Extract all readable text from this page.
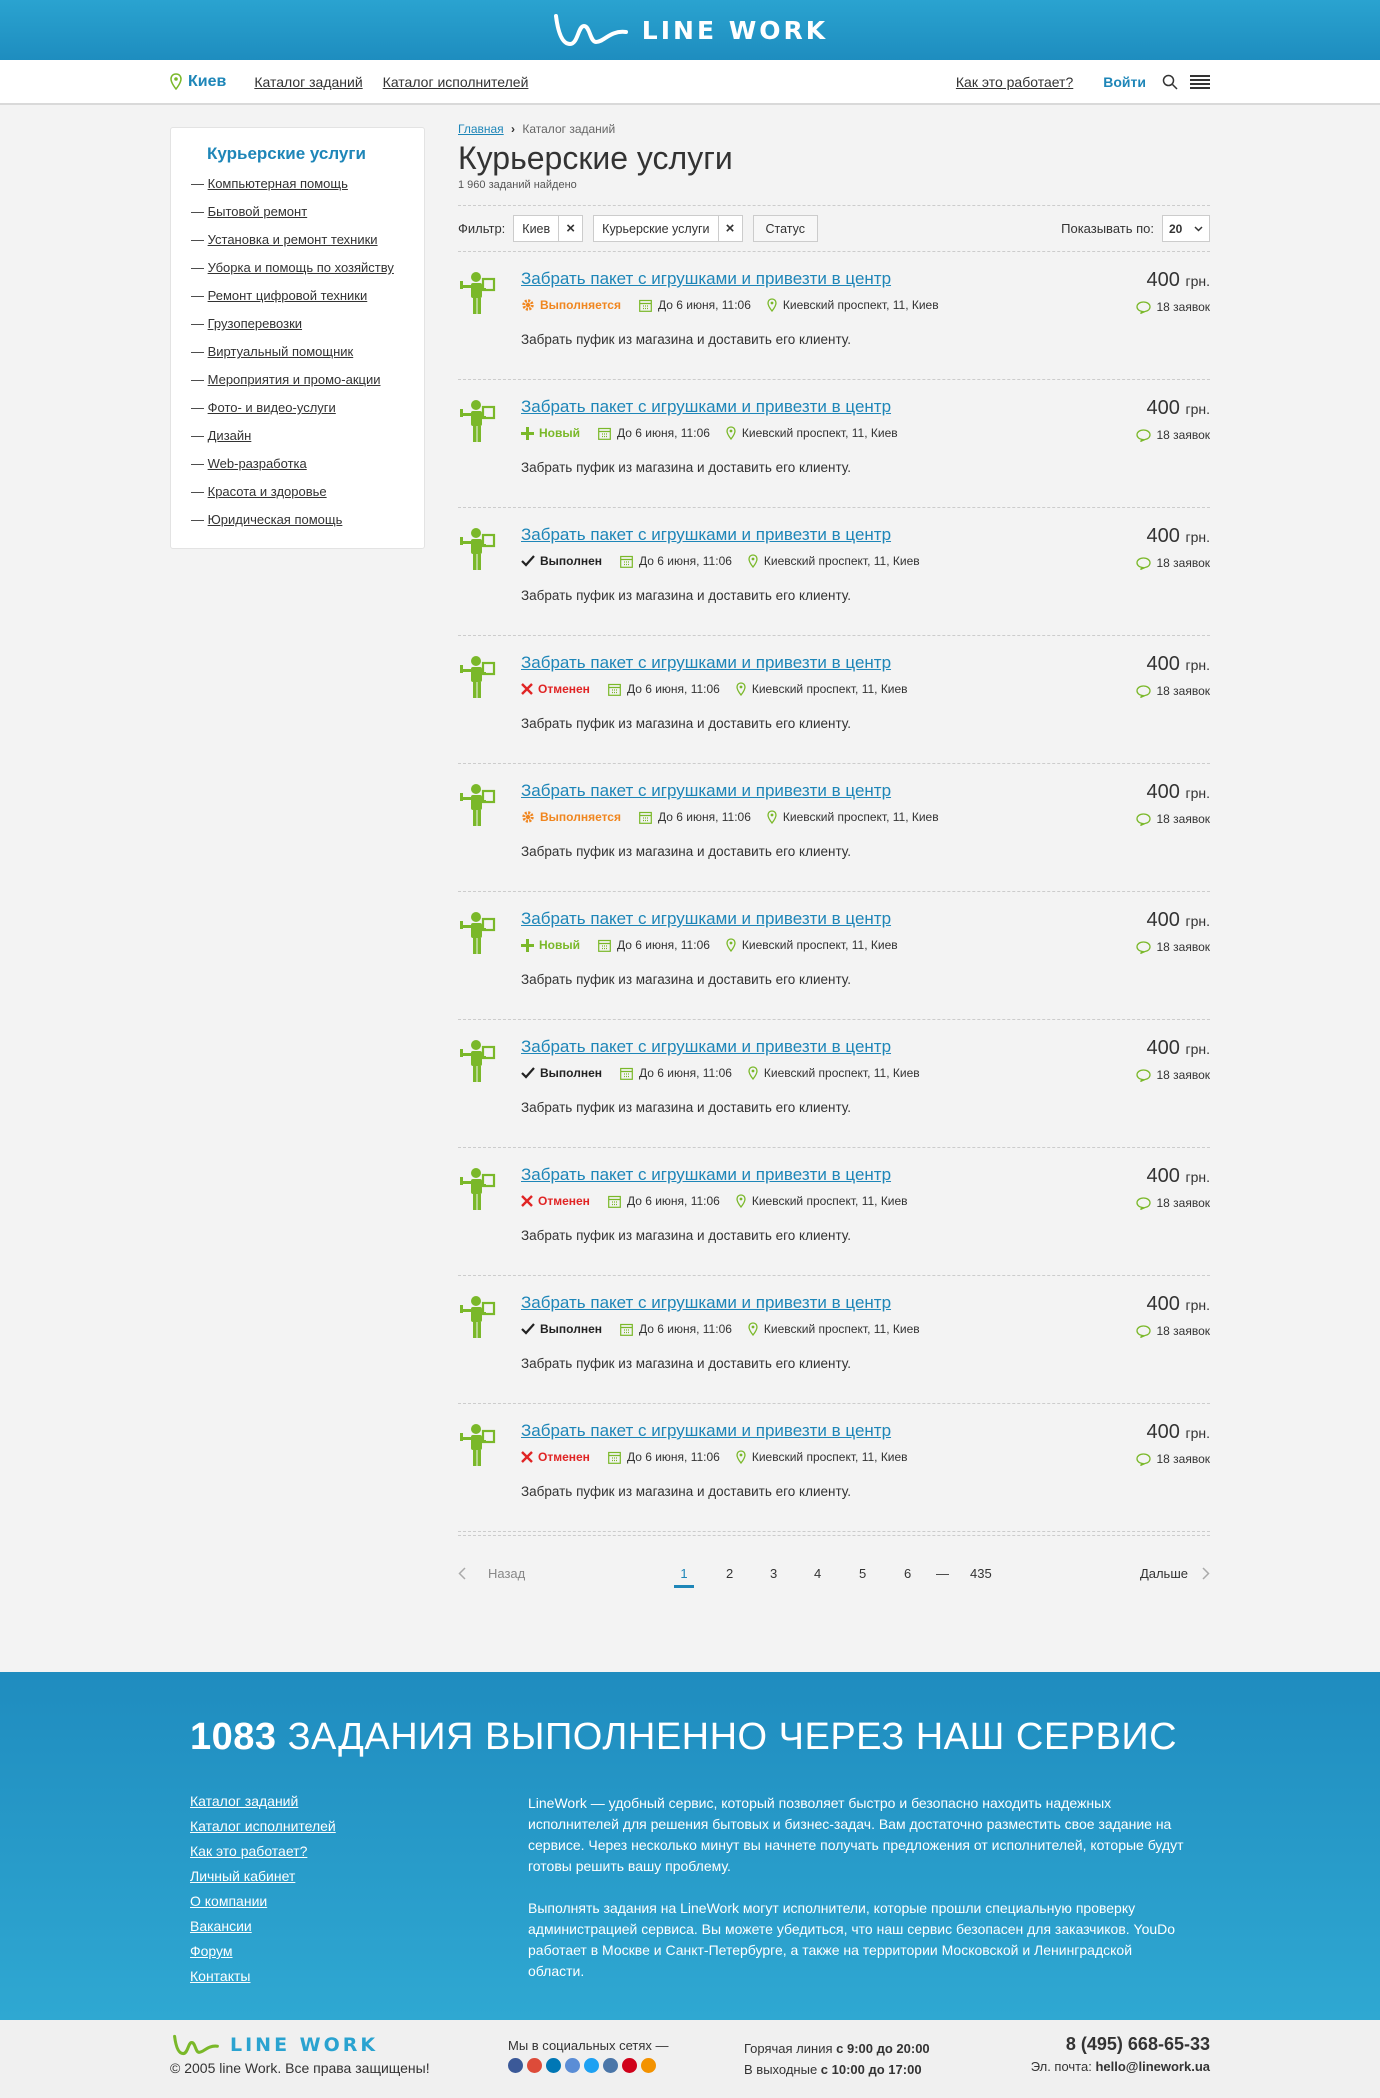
LINE WORK
Киев Каталог заданий Каталог исполнителей	Как это работает? Войти
Курьерские услуги
— Компьютерная помощь
— Бытовой ремонт
— Установка и ремонт техники
— Уборка и помощь по хозяйству
— Ремонт цифровой техники
— Грузоперевозки
— Виртуальный помощник
— Мероприятия и промо-акции
— Фото- и видео-услуги
— Дизайн
— Web-разработка
— Красота и здоровье
— Юридическая помощь
Главная › Каталог заданий
Курьерские услуги
1 960 заданий найдено
Фильтр:	Киев	×	Курьерские услуги	×	Статус	Показывать по: 20
Забрать пакет с игрушками и привезти в центр
Выполняется	До 6 июня, 11:06	Киевский проспект, 11, Киев
Забрать пуфик из магазина и доставить его клиенту.
400 грн.
18 заявок
Забрать пакет с игрушками и привезти в центр
Новый	До 6 июня, 11:06	Киевский проспект, 11, Киев
Забрать пуфик из магазина и доставить его клиенту.
400 грн.
18 заявок
Забрать пакет с игрушками и привезти в центр
Выполнен	До 6 июня, 11:06	Киевский проспект, 11, Киев
Забрать пуфик из магазина и доставить его клиенту.
400 грн.
18 заявок
Забрать пакет с игрушками и привезти в центр
Отменен	До 6 июня, 11:06	Киевский проспект, 11, Киев
Забрать пуфик из магазина и доставить его клиенту.
400 грн.
18 заявок
Забрать пакет с игрушками и привезти в центр
Выполняется	До 6 июня, 11:06	Киевский проспект, 11, Киев
Забрать пуфик из магазина и доставить его клиенту.
400 грн.
18 заявок
Забрать пакет с игрушками и привезти в центр
Новый	До 6 июня, 11:06	Киевский проспект, 11, Киев
Забрать пуфик из магазина и доставить его клиенту.
400 грн.
18 заявок
Забрать пакет с игрушками и привезти в центр
Выполнен	До 6 июня, 11:06	Киевский проспект, 11, Киев
Забрать пуфик из магазина и доставить его клиенту.
400 грн.
18 заявок
Забрать пакет с игрушками и привезти в центр
Отменен	До 6 июня, 11:06	Киевский проспект, 11, Киев
Забрать пуфик из магазина и доставить его клиенту.
400 грн.
18 заявок
Забрать пакет с игрушками и привезти в центр
Выполнен	До 6 июня, 11:06	Киевский проспект, 11, Киев
Забрать пуфик из магазина и доставить его клиенту.
400 грн.
18 заявок
Забрать пакет с игрушками и привезти в центр
Отменен	До 6 июня, 11:06	Киевский проспект, 11, Киев
Забрать пуфик из магазина и доставить его клиенту.
400 грн.
18 заявок
Назад	1	2	3	4	5	6 — 435	Дальше
1083 ЗАДАНИЯ ВЫПОЛНЕННО ЧЕРЕЗ НАШ СЕРВИС
Каталог заданий
Каталог исполнителей
Как это работает?
Личный кабинет
О компании
Вакансии
Форум
Контакты

LineWork — удобный сервис, который позволяет быстро и безопасно находить надежных исполнителей для решения бытовых и бизнес-задач. Вам достаточно разместить свое задание на сервисе. Через несколько минут вы начнете получать предложения от исполнителей, которые будут готовы решить вашу проблему.

Выполнять задания на LineWork могут исполнители, которые прошли специальную проверку администрацией сервиса. Вы можете убедиться, что наш сервис безопасен для заказчиков. YouDo работает в Москве и Санкт-Петербурге, а также на территории Московской и Ленинградской области.

LINE WORK
© 2005 line Work. Все права защищены!
Мы в социальных сетях —	Горячая линия с 9:00 до 20:00
В выходные с 10:00 до 17:00
8 (495) 668-65-33
Эл. почта: hello@linework.ua
